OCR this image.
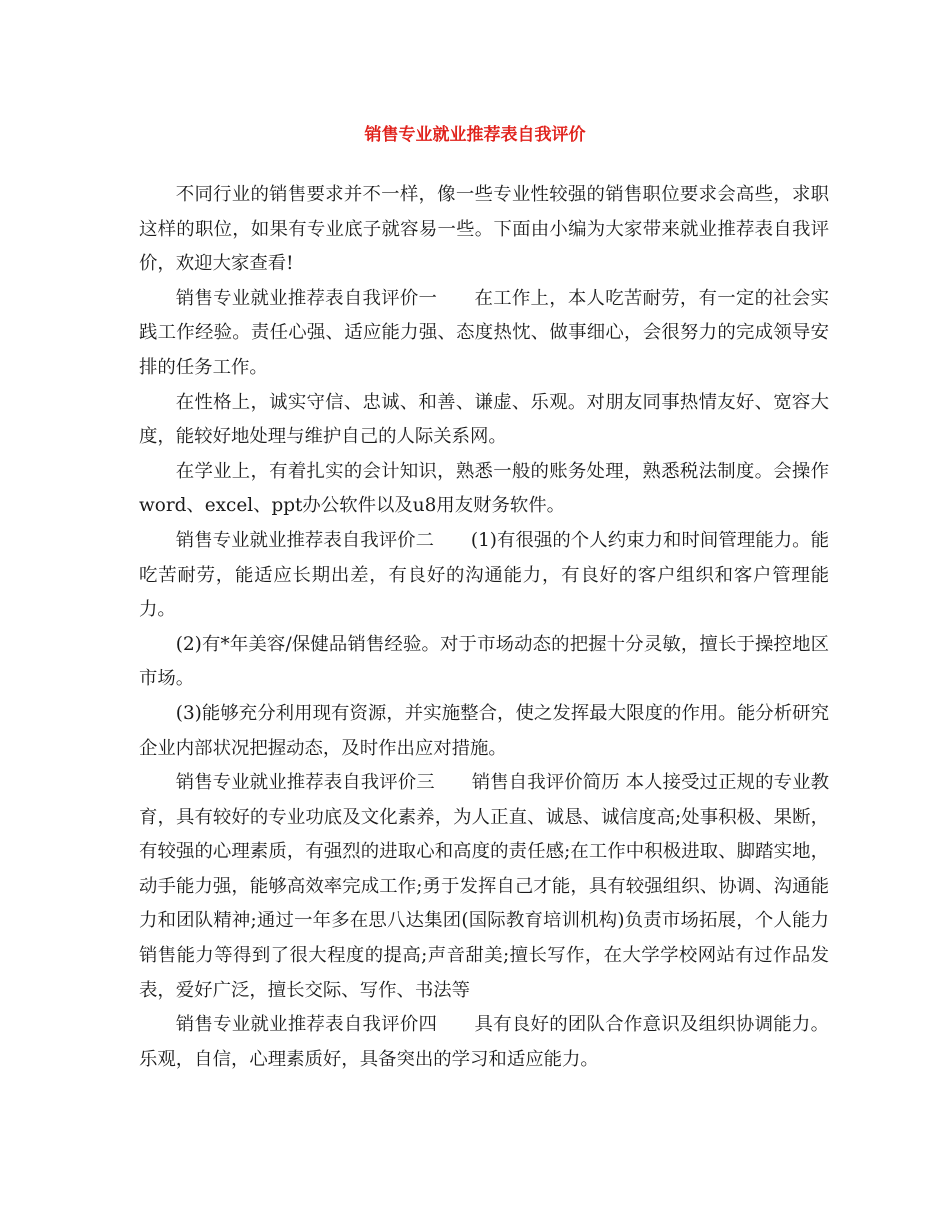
销售专业就业推荐表自我评价

不同行业的销售要求并不一样，像一些专业性较强的销售职位要求会高些，求职这样的职位，如果有专业底子就容易一些。下面由小编为大家带来就业推荐表自我评价，欢迎大家查看!

销售专业就业推荐表自我评价一　　在工作上，本人吃苦耐劳，有一定的社会实践工作经验。责任心强、适应能力强、态度热忱、做事细心，会很努力的完成领导安排的任务工作。

在性格上，诚实守信、忠诚、和善、谦虚、乐观。对朋友同事热情友好、宽容大度，能较好地处理与维护自己的人际关系网。

在学业上，有着扎实的会计知识，熟悉一般的账务处理，熟悉税法制度。会操作word、excel、ppt办公软件以及u8用友财务软件。

销售专业就业推荐表自我评价二　　(1)有很强的个人约束力和时间管理能力。能吃苦耐劳，能适应长期出差，有良好的沟通能力，有良好的客户组织和客户管理能力。

(2)有*年美容/保健品销售经验。对于市场动态的把握十分灵敏，擅长于操控地区市场。

(3)能够充分利用现有资源，并实施整合，使之发挥最大限度的作用。能分析研究企业内部状况把握动态，及时作出应对措施。

销售专业就业推荐表自我评价三　　销售自我评价简历 本人接受过正规的专业教育，具有较好的专业功底及文化素养，为人正直、诚恳、诚信度高;处事积极、果断，有较强的心理素质，有强烈的进取心和高度的责任感;在工作中积极进取、脚踏实地，动手能力强，能够高效率完成工作;勇于发挥自己才能，具有较强组织、协调、沟通能力和团队精神;通过一年多在思八达集团(国际教育培训机构)负责市场拓展，个人能力销售能力等得到了很大程度的提高;声音甜美;擅长写作，在大学学校网站有过作品发表，爱好广泛，擅长交际、写作、书法等

销售专业就业推荐表自我评价四　　具有良好的团队合作意识及组织协调能力。乐观，自信，心理素质好，具备突出的学习和适应能力。
